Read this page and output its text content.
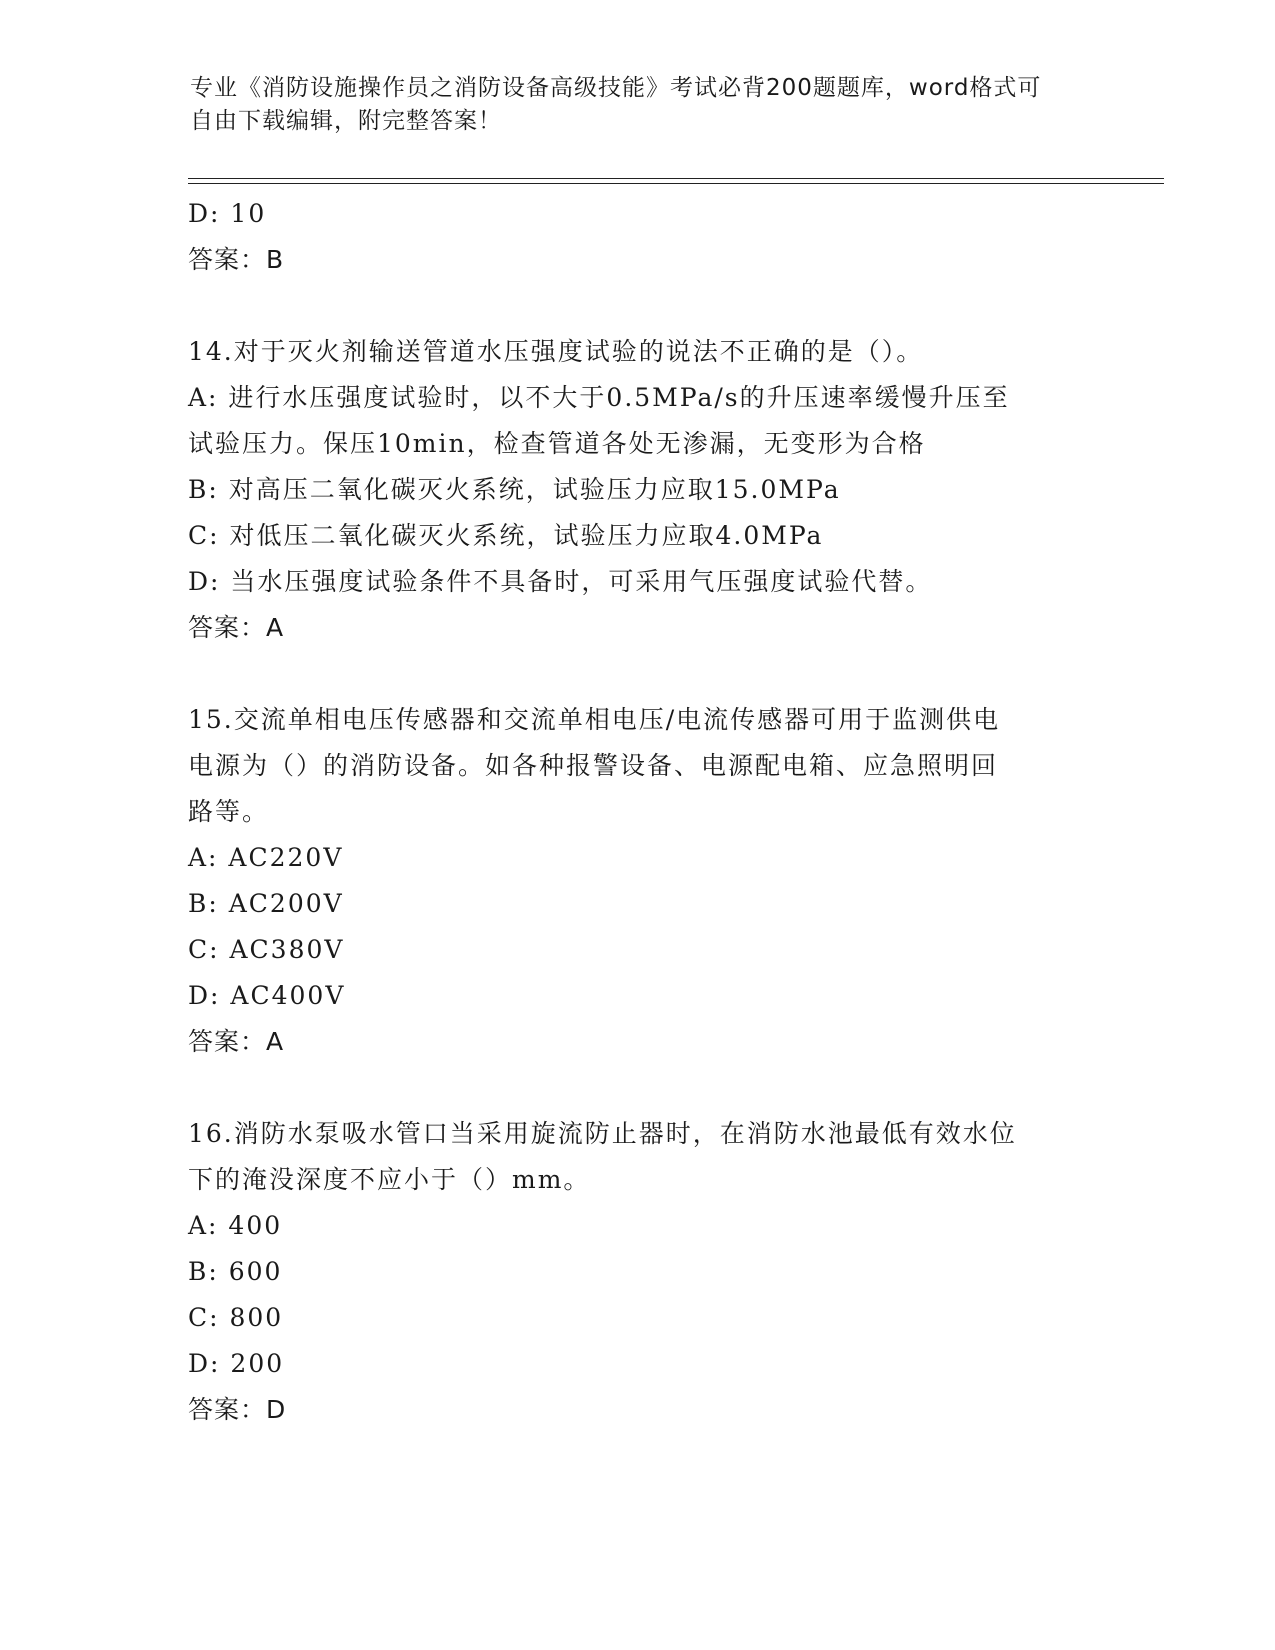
专业《消防设施操作员之消防设备高级技能》考试必背200题题库，word格式可
自由下载编辑，附完整答案！
D: 10
答案：B
14.对于灭火剂输送管道水压强度试验的说法不正确的是（）。
A: 进行水压强度试验时，以不大于0.5MPa/s的升压速率缓慢升压至
试验压力。保压10min，检查管道各处无渗漏，无变形为合格
B: 对高压二氧化碳灭火系统，试验压力应取15.0MPa
C: 对低压二氧化碳灭火系统，试验压力应取4.0MPa
D: 当水压强度试验条件不具备时，可采用气压强度试验代替。
答案：A
15.交流单相电压传感器和交流单相电压/电流传感器可用于监测供电
电源为（）的消防设备。如各种报警设备、电源配电箱、应急照明回
路等。
A: AC220V
B: AC200V
C: AC380V
D: AC400V
答案：A
16.消防水泵吸水管口当采用旋流防止器时，在消防水池最低有效水位
下的淹没深度不应小于（）mm。
A: 400
B: 600
C: 800
D: 200
答案：D
